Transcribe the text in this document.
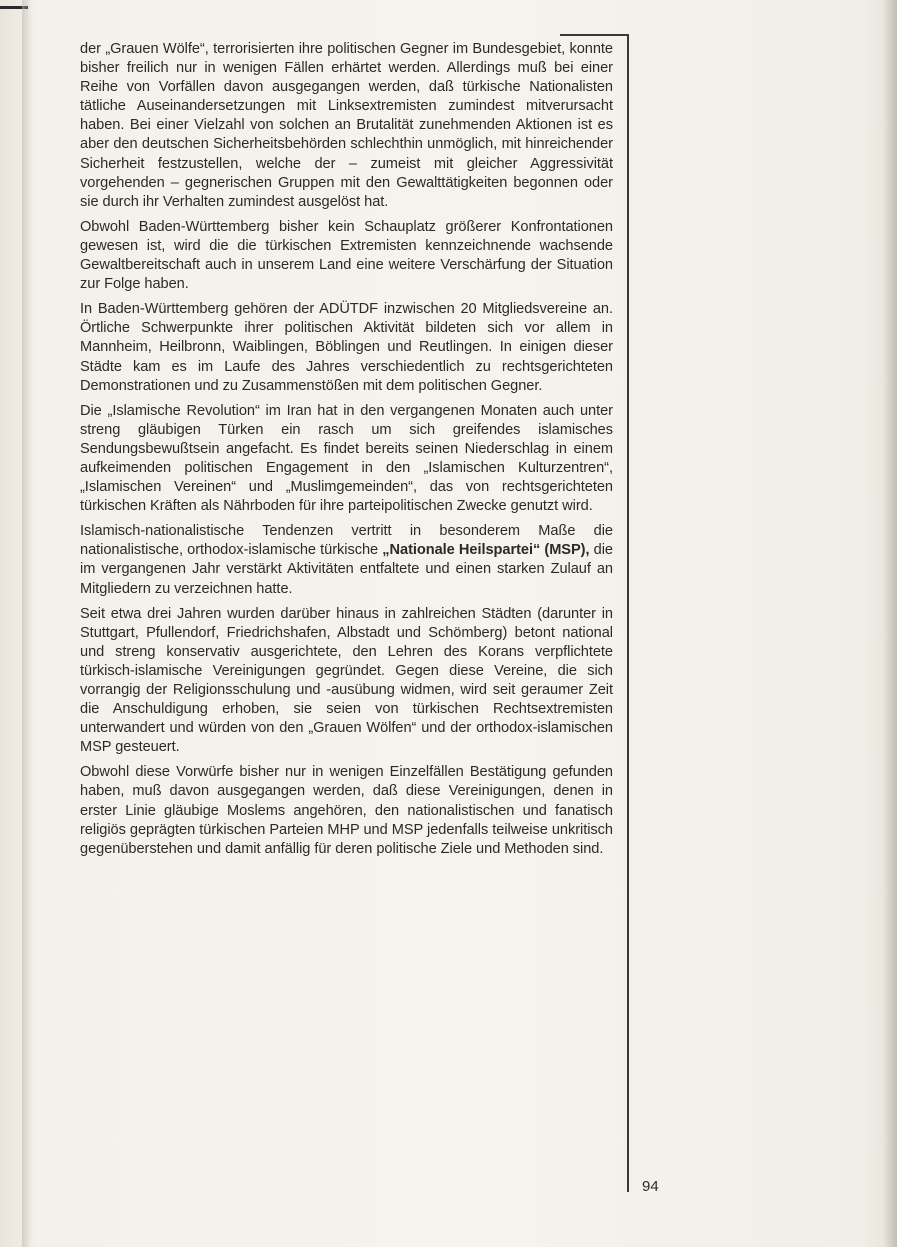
der „Grauen Wölfe“, terrorisierten ihre politischen Gegner im Bundesgebiet, konnte bisher freilich nur in wenigen Fällen erhärtet werden. Allerdings muß bei einer Reihe von Vorfällen davon ausgegangen werden, daß türkische Nationalisten tätliche Auseinandersetzungen mit Linksextremisten zumindest mitverursacht haben. Bei einer Vielzahl von solchen an Brutalität zunehmenden Aktionen ist es aber den deutschen Sicherheitsbehörden schlechthin unmöglich, mit hinreichender Sicherheit festzustellen, welche der – zumeist mit gleicher Aggressivität vorgehenden – gegnerischen Gruppen mit den Gewalttätigkeiten begonnen oder sie durch ihr Verhalten zumindest ausgelöst hat.

Obwohl Baden-Württemberg bisher kein Schauplatz größerer Konfrontationen gewesen ist, wird die die türkischen Extremisten kennzeichnende wachsende Gewaltbereitschaft auch in unserem Land eine weitere Verschärfung der Situation zur Folge haben.

In Baden-Württemberg gehören der ADÜTDF inzwischen 20 Mitgliedsvereine an. Örtliche Schwerpunkte ihrer politischen Aktivität bildeten sich vor allem in Mannheim, Heilbronn, Waiblingen, Böblingen und Reutlingen. In einigen dieser Städte kam es im Laufe des Jahres verschiedentlich zu rechtsgerichteten Demonstrationen und zu Zusammenstößen mit dem politischen Gegner.

Die „Islamische Revolution“ im Iran hat in den vergangenen Monaten auch unter streng gläubigen Türken ein rasch um sich greifendes islamisches Sendungsbewußtsein angefacht. Es findet bereits seinen Niederschlag in einem aufkeimenden politischen Engagement in den „Islamischen Kulturzentren“, „Islamischen Vereinen“ und „Muslimgemeinden“, das von rechtsgerichteten türkischen Kräften als Nährboden für ihre parteipolitischen Zwecke genutzt wird.

Islamisch-nationalistische Tendenzen vertritt in besonderem Maße die nationalistische, orthodox-islamische türkische „Nationale Heilspartei“ (MSP), die im vergangenen Jahr verstärkt Aktivitäten entfaltete und einen starken Zulauf an Mitgliedern zu verzeichnen hatte.

Seit etwa drei Jahren wurden darüber hinaus in zahlreichen Städten (darunter in Stuttgart, Pfullendorf, Friedrichshafen, Albstadt und Schömberg) betont national und streng konservativ ausgerichtete, den Lehren des Korans verpflichtete türkisch-islamische Vereinigungen gegründet. Gegen diese Vereine, die sich vorrangig der Religionsschulung und -ausübung widmen, wird seit geraumer Zeit die Anschuldigung erhoben, sie seien von türkischen Rechtsextremisten unterwandert und würden von den „Grauen Wölfen“ und der orthodox-islamischen MSP gesteuert.

Obwohl diese Vorwürfe bisher nur in wenigen Einzelfällen Bestätigung gefunden haben, muß davon ausgegangen werden, daß diese Vereinigungen, denen in erster Linie gläubige Moslems angehören, den nationalistischen und fanatisch religiös geprägten türkischen Parteien MHP und MSP jedenfalls teilweise unkritisch gegenüberstehen und damit anfällig für deren politische Ziele und Methoden sind.

94
